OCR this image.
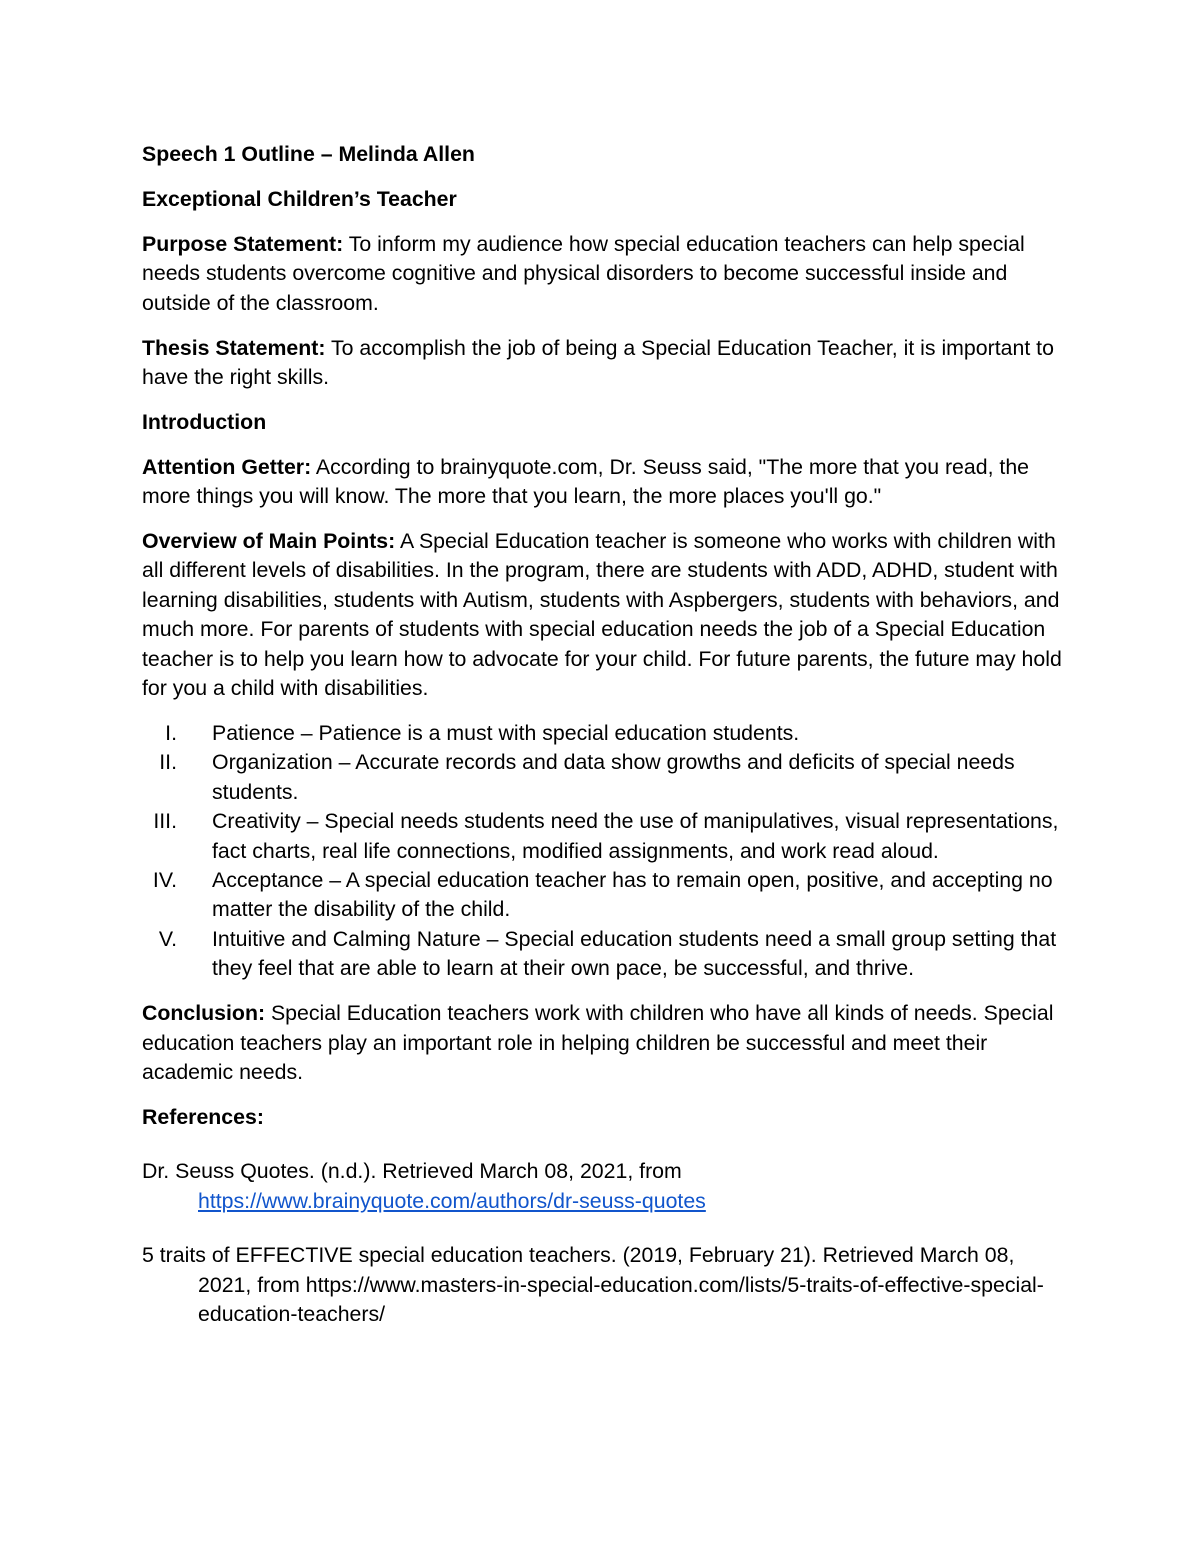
Speech 1 Outline – Melinda Allen

Exceptional Children’s Teacher

Purpose Statement: To inform my audience how special education teachers can help special needs students overcome cognitive and physical disorders to become successful inside and outside of the classroom.

Thesis Statement: To accomplish the job of being a Special Education Teacher, it is important to have the right skills.

Introduction

Attention Getter: According to brainyquote.com, Dr. Seuss said, "The more that you read, the more things you will know. The more that you learn, the more places you'll go."

Overview of Main Points: A Special Education teacher is someone who works with children with all different levels of disabilities. In the program, there are students with ADD, ADHD, student with learning disabilities, students with Autism, students with Aspbergers, students with behaviors, and much more. For parents of students with special education needs the job of a Special Education teacher is to help you learn how to advocate for your child. For future parents, the future may hold for you a child with disabilities.

I. Patience – Patience is a must with special education students.
II. Organization – Accurate records and data show growths and deficits of special needs students.
III. Creativity – Special needs students need the use of manipulatives, visual representations, fact charts, real life connections, modified assignments, and work read aloud.
IV. Acceptance – A special education teacher has to remain open, positive, and accepting no matter the disability of the child.
V. Intuitive and Calming Nature – Special education students need a small group setting that they feel that are able to learn at their own pace, be successful, and thrive.

Conclusion: Special Education teachers work with children who have all kinds of needs. Special education teachers play an important role in helping children be successful and meet their academic needs.

References:

Dr. Seuss Quotes. (n.d.). Retrieved March 08, 2021, from
https://www.brainyquote.com/authors/dr-seuss-quotes

5 traits of EFFECTIVE special education teachers. (2019, February 21). Retrieved March 08, 2021, from https://www.masters-in-special-education.com/lists/5-traits-of-effective-special-education-teachers/
